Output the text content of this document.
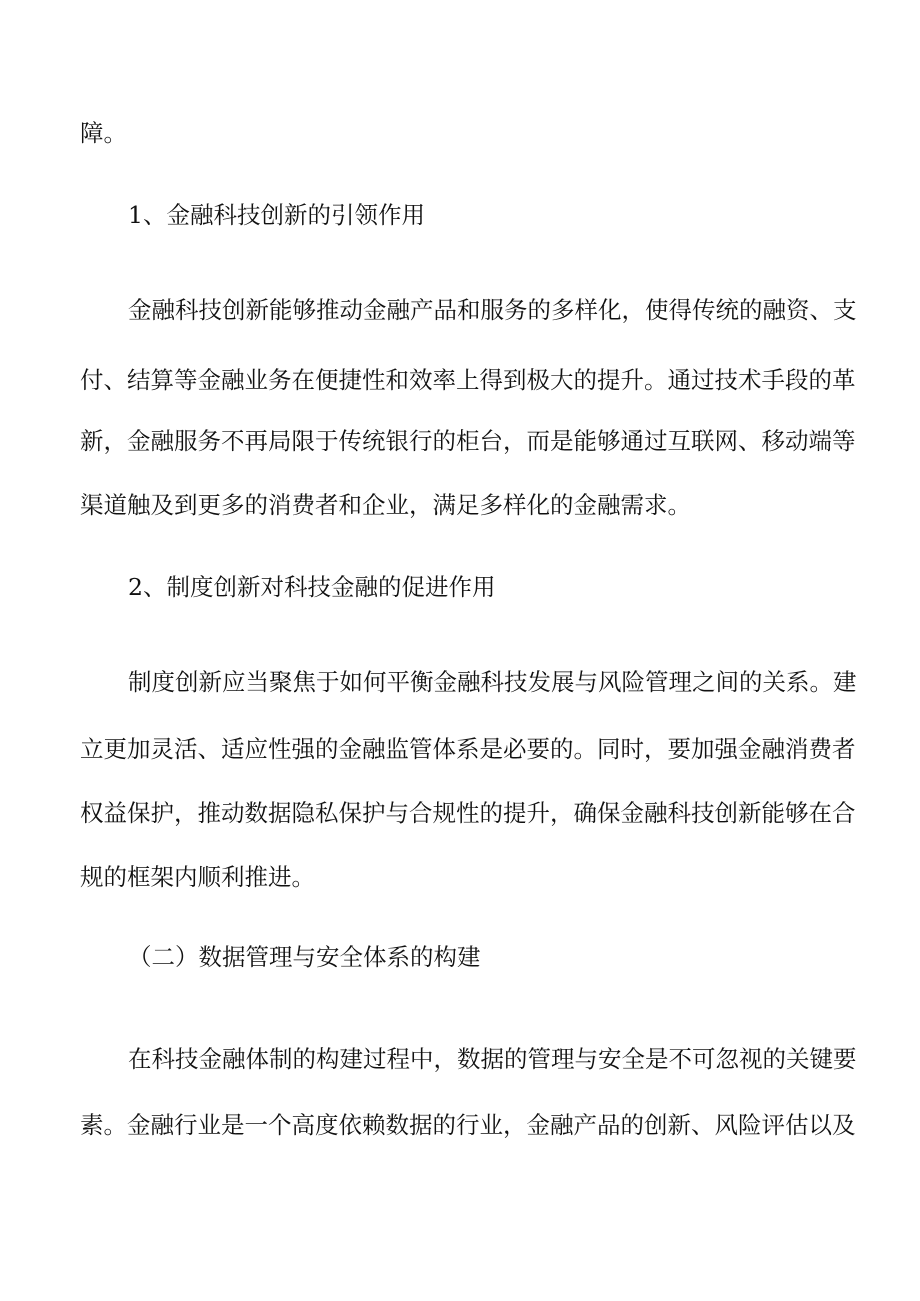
障。
1、金融科技创新的引领作用
金融科技创新能够推动金融产品和服务的多样化，使得传统的融资、支
付、结算等金融业务在便捷性和效率上得到极大的提升。通过技术手段的革
新，金融服务不再局限于传统银行的柜台，而是能够通过互联网、移动端等
渠道触及到更多的消费者和企业，满足多样化的金融需求。
2、制度创新对科技金融的促进作用
制度创新应当聚焦于如何平衡金融科技发展与风险管理之间的关系。建
立更加灵活、适应性强的金融监管体系是必要的。同时，要加强金融消费者
权益保护，推动数据隐私保护与合规性的提升，确保金融科技创新能够在合
规的框架内顺利推进。
（二）数据管理与安全体系的构建
在科技金融体制的构建过程中，数据的管理与安全是不可忽视的关键要
素。金融行业是一个高度依赖数据的行业，金融产品的创新、风险评估以及
